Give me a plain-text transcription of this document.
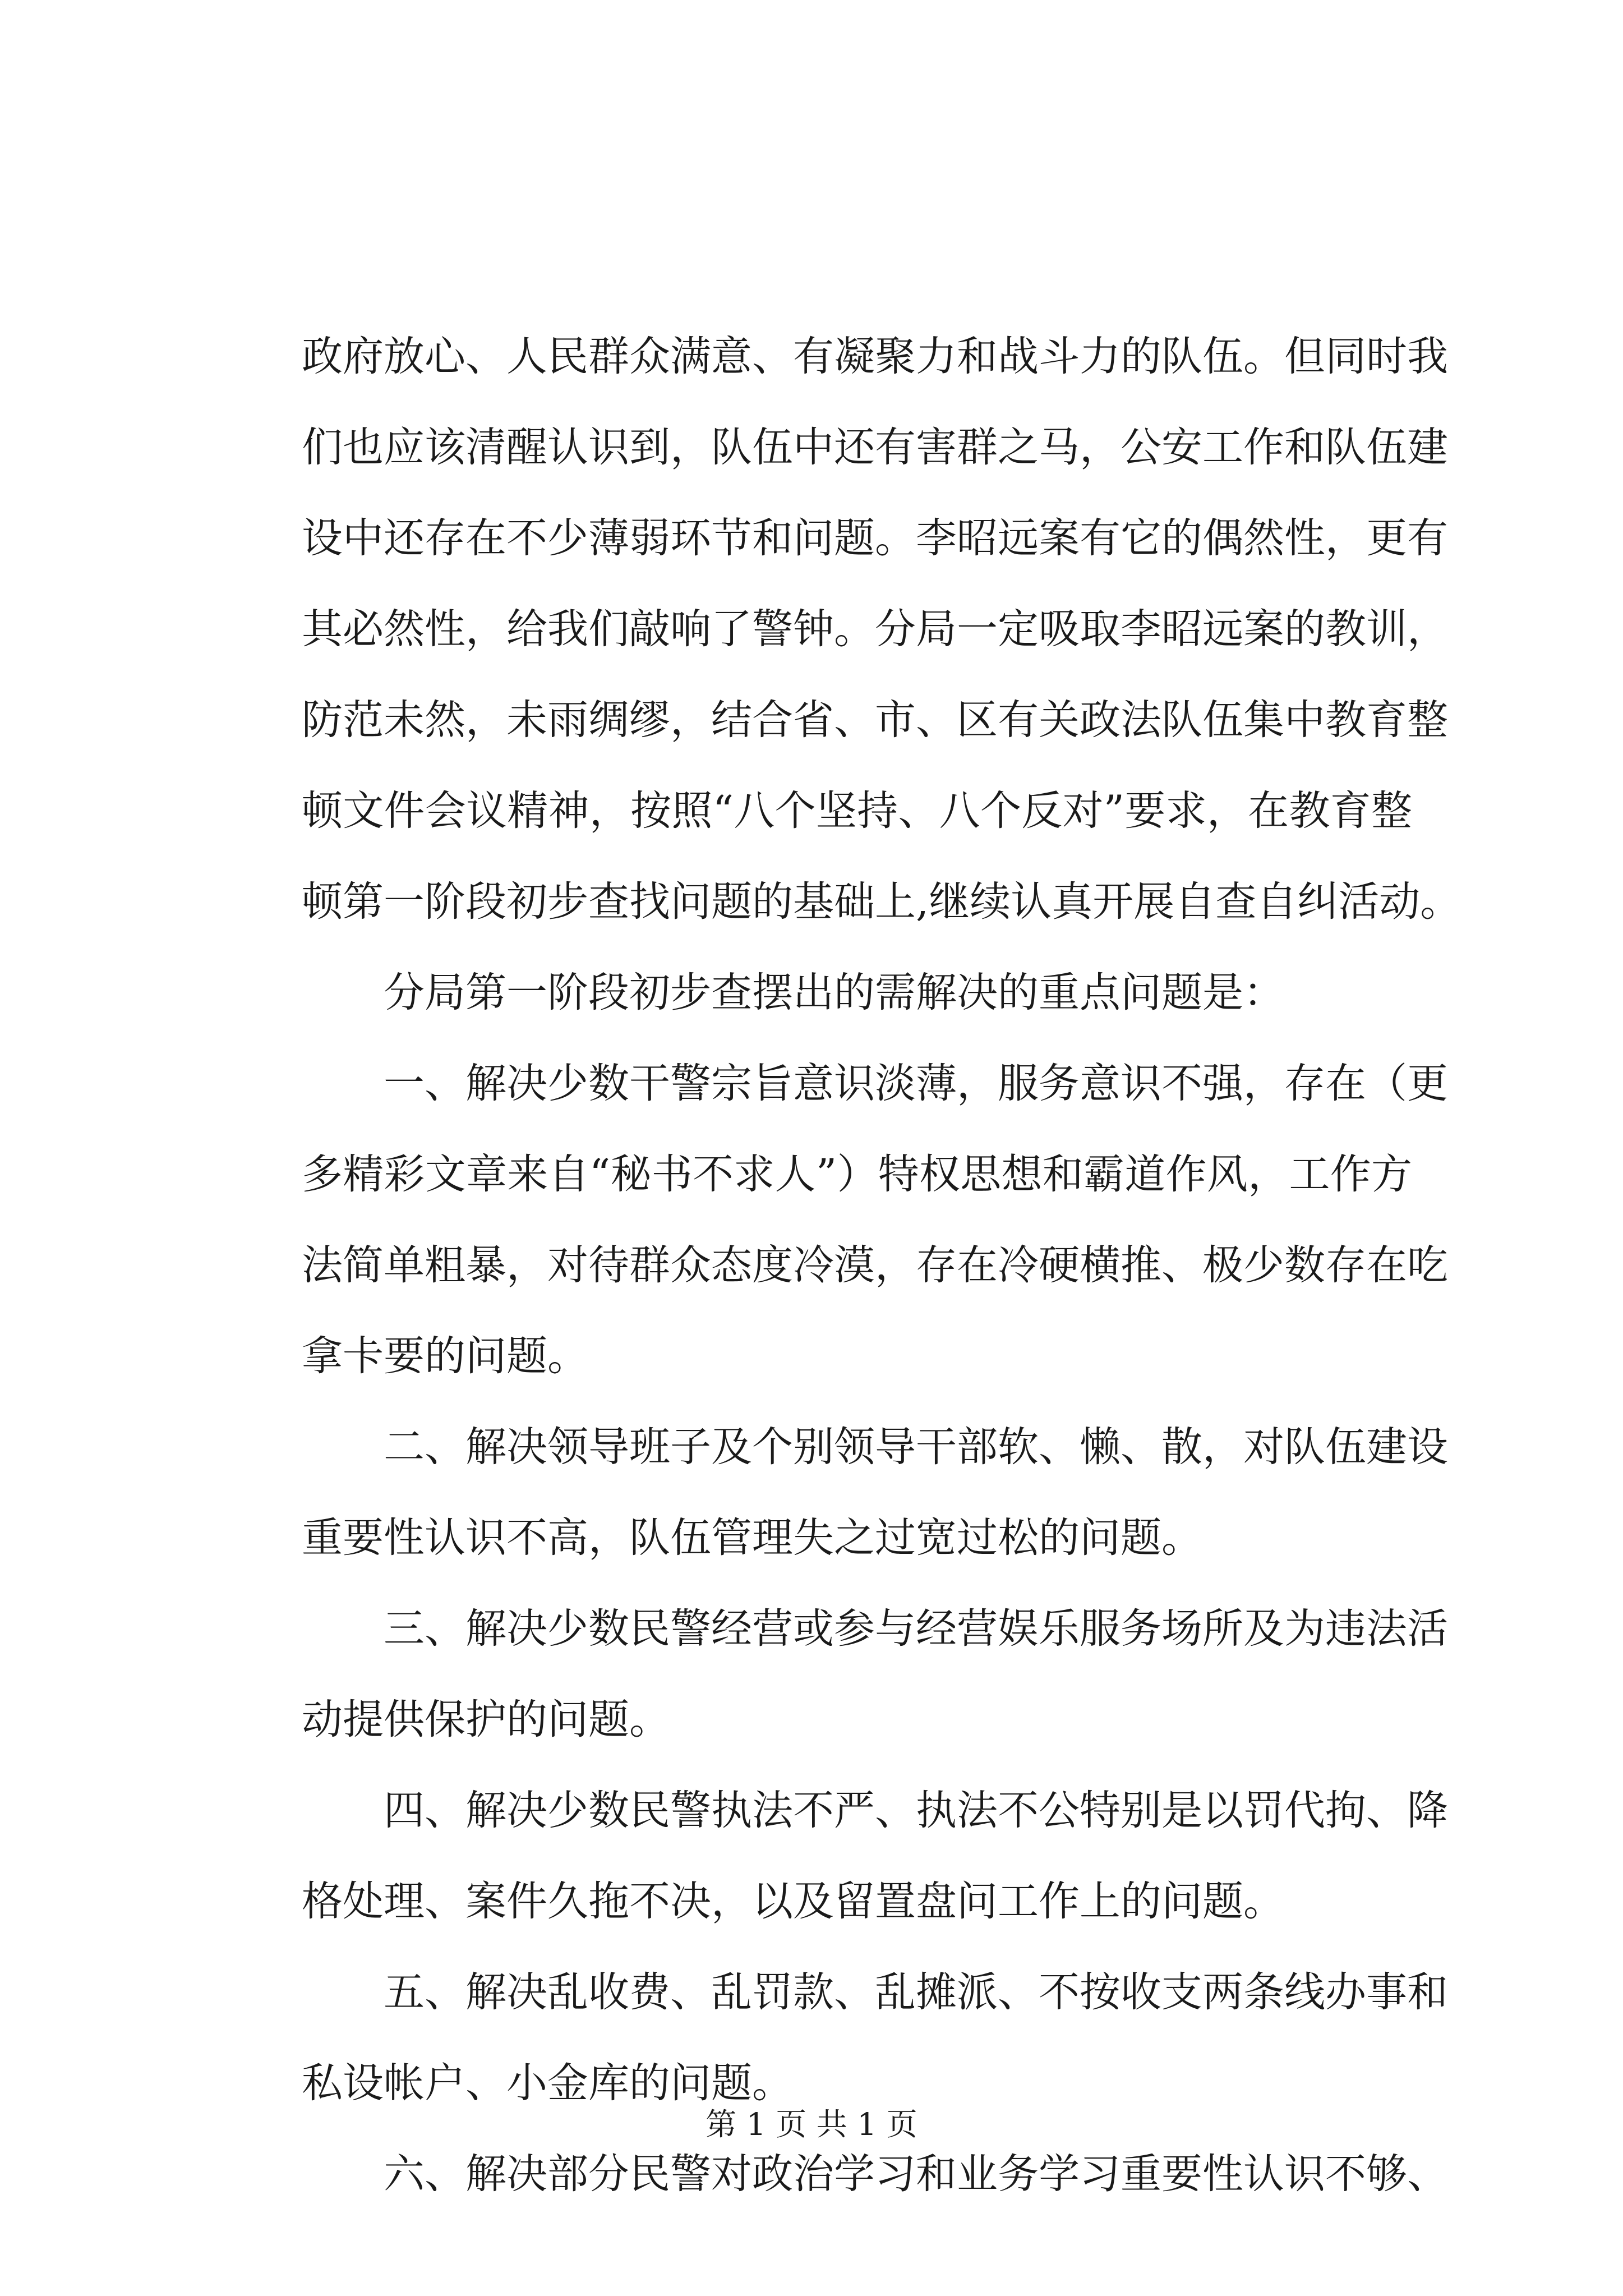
政府放心、人民群众满意、有凝聚力和战斗力的队伍。但同时我
们也应该清醒认识到，队伍中还有害群之马，公安工作和队伍建
设中还存在不少薄弱环节和问题。李昭远案有它的偶然性，更有
其必然性，给我们敲响了警钟。分局一定吸取李昭远案的教训，
防范未然，未雨绸缪，结合省、市、区有关政法队伍集中教育整
顿文件会议精神，按照“八个坚持、八个反对”要求，在教育整
顿第一阶段初步查找问题的基础上,继续认真开展自查自纠活动。
分局第一阶段初步查摆出的需解决的重点问题是：
一、解决少数干警宗旨意识淡薄，服务意识不强，存在（更
多精彩文章来自“秘书不求人”）特权思想和霸道作风，工作方
法简单粗暴，对待群众态度冷漠，存在冷硬横推、极少数存在吃
拿卡要的问题。
二、解决领导班子及个别领导干部软、懒、散，对队伍建设
重要性认识不高，队伍管理失之过宽过松的问题。
三、解决少数民警经营或参与经营娱乐服务场所及为违法活
动提供保护的问题。
四、解决少数民警执法不严、执法不公特别是以罚代拘、降
格处理、案件久拖不决，以及留置盘问工作上的问题。
五、解决乱收费、乱罚款、乱摊派、不按收支两条线办事和
私设帐户、小金库的问题。
六、解决部分民警对政治学习和业务学习重要性认识不够、
第 1 页 共 1 页
